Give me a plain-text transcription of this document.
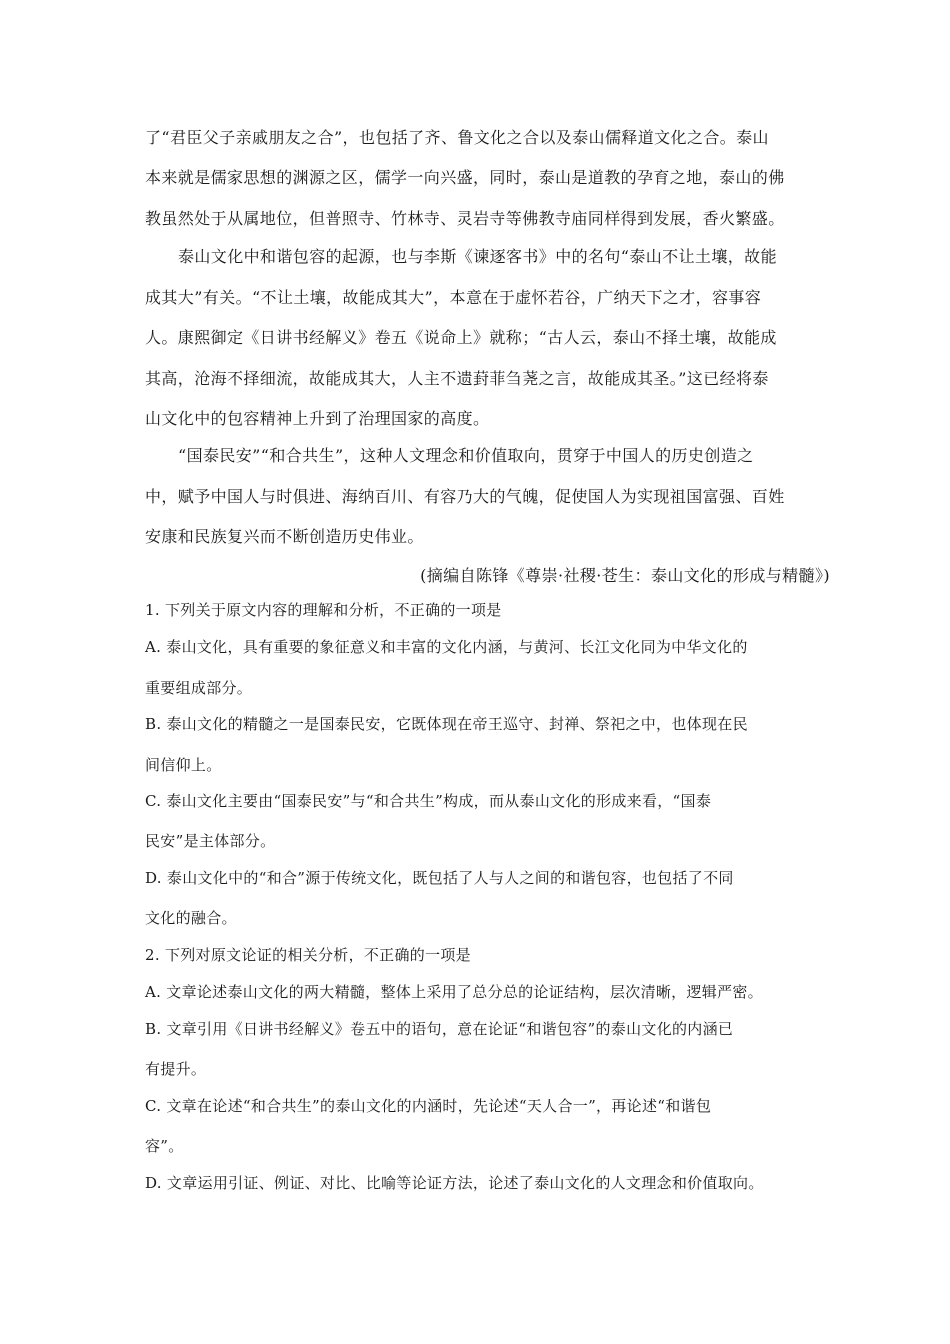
了“君臣父子亲戚朋友之合”，也包括了齐、鲁文化之合以及泰山儒释道文化之合。泰山
本来就是儒家思想的渊源之区，儒学一向兴盛，同时，泰山是道教的孕育之地，泰山的佛
教虽然处于从属地位，但普照寺、竹林寺、灵岩寺等佛教寺庙同样得到发展，香火繁盛。
泰山文化中和谐包容的起源，也与李斯《谏逐客书》中的名句“泰山不让土壤，故能
成其大”有关。“不让土壤，故能成其大”，本意在于虚怀若谷，广纳天下之才，容事容
人。康熙御定《日讲书经解义》卷五《说命上》就称；“古人云，泰山不择土壤，故能成
其高，沧海不择细流，故能成其大，人主不遗葑菲刍荛之言，故能成其圣。”这已经将泰
山文化中的包容精神上升到了治理国家的高度。
“国泰民安”“和合共生”，这种人文理念和价值取向，贯穿于中国人的历史创造之
中，赋予中国人与时俱进、海纳百川、有容乃大的气魄，促使国人为实现祖国富强、百姓
安康和民族复兴而不断创造历史伟业。
(摘编自陈锋《尊崇·社稷·苍生：泰山文化的形成与精髓》)
1. 下列关于原文内容的理解和分析，不正确的一项是
A. 泰山文化，具有重要的象征意义和丰富的文化内涵，与黄河、长江文化同为中华文化的
重要组成部分。
B. 泰山文化的精髓之一是国泰民安，它既体现在帝王巡守、封禅、祭祀之中，也体现在民
间信仰上。
C. 泰山文化主要由“国泰民安”与“和合共生”构成，而从泰山文化的形成来看，“国泰
民安”是主体部分。
D. 泰山文化中的“和合”源于传统文化，既包括了人与人之间的和谐包容，也包括了不同
文化的融合。
2. 下列对原文论证的相关分析，不正确的一项是
A. 文章论述泰山文化的两大精髓，整体上采用了总分总的论证结构，层次清晰，逻辑严密。
B. 文章引用《日讲书经解义》卷五中的语句，意在论证“和谐包容”的泰山文化的内涵已
有提升。
C. 文章在论述“和合共生”的泰山文化的内涵时，先论述“天人合一”，再论述“和谐包
容”。
D. 文章运用引证、例证、对比、比喻等论证方法，论述了泰山文化的人文理念和价值取向。
